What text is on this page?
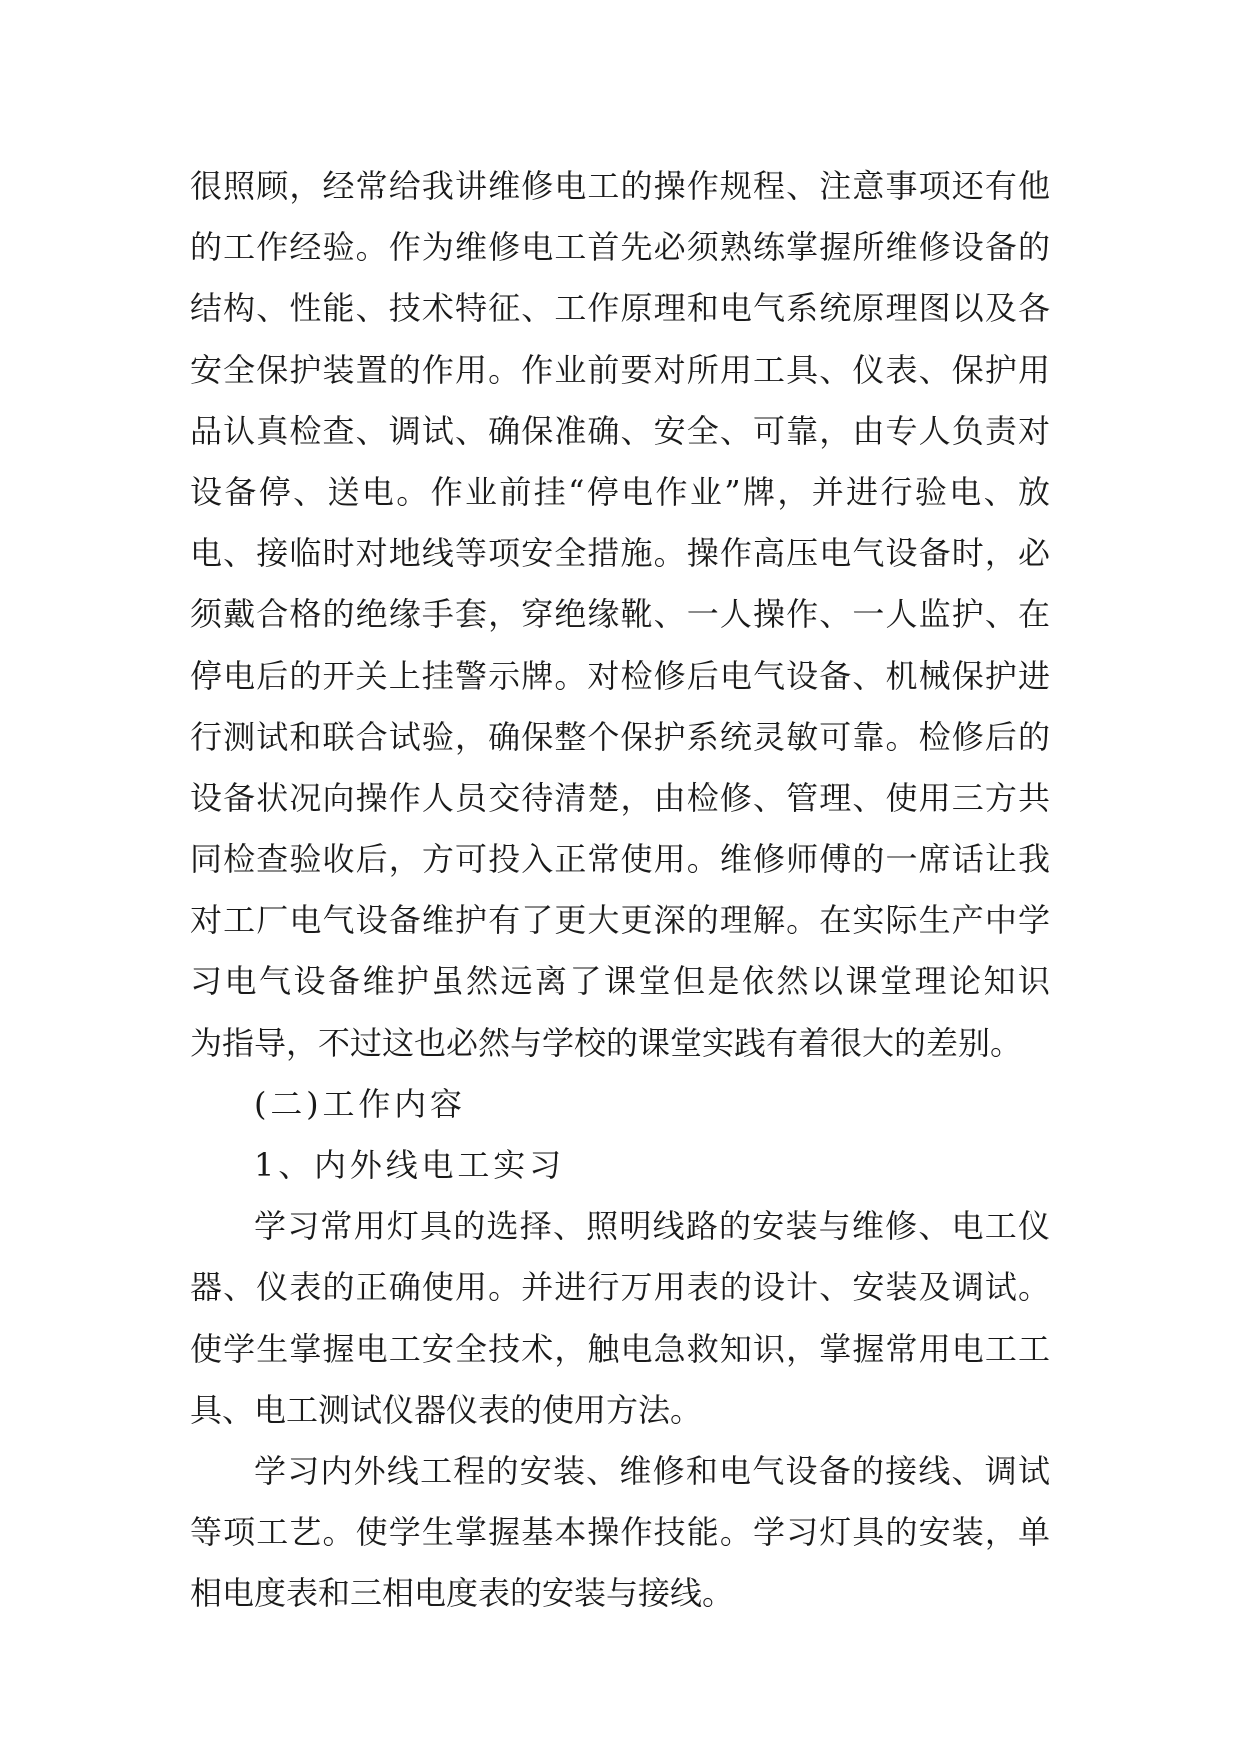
很照顾，经常给我讲维修电工的操作规程、注意事项还有他
的工作经验。作为维修电工首先必须熟练掌握所维修设备的
结构、性能、技术特征、工作原理和电气系统原理图以及各
安全保护装置的作用。作业前要对所用工具、仪表、保护用
品认真检查、调试、确保准确、安全、可靠，由专人负责对
设备停、送电。作业前挂“停电作业”牌，并进行验电、放
电、接临时对地线等项安全措施。操作高压电气设备时，必
须戴合格的绝缘手套，穿绝缘靴、一人操作、一人监护、在
停电后的开关上挂警示牌。对检修后电气设备、机械保护进
行测试和联合试验，确保整个保护系统灵敏可靠。检修后的
设备状况向操作人员交待清楚，由检修、管理、使用三方共
同检查验收后，方可投入正常使用。维修师傅的一席话让我
对工厂电气设备维护有了更大更深的理解。在实际生产中学
习电气设备维护虽然远离了课堂但是依然以课堂理论知识
为指导，不过这也必然与学校的课堂实践有着很大的差别。
(二)工作内容
1、内外线电工实习
学习常用灯具的选择、照明线路的安装与维修、电工仪
器、仪表的正确使用。并进行万用表的设计、安装及调试。
使学生掌握电工安全技术，触电急救知识，掌握常用电工工
具、电工测试仪器仪表的使用方法。
学习内外线工程的安装、维修和电气设备的接线、调试
等项工艺。使学生掌握基本操作技能。学习灯具的安装，单
相电度表和三相电度表的安装与接线。
